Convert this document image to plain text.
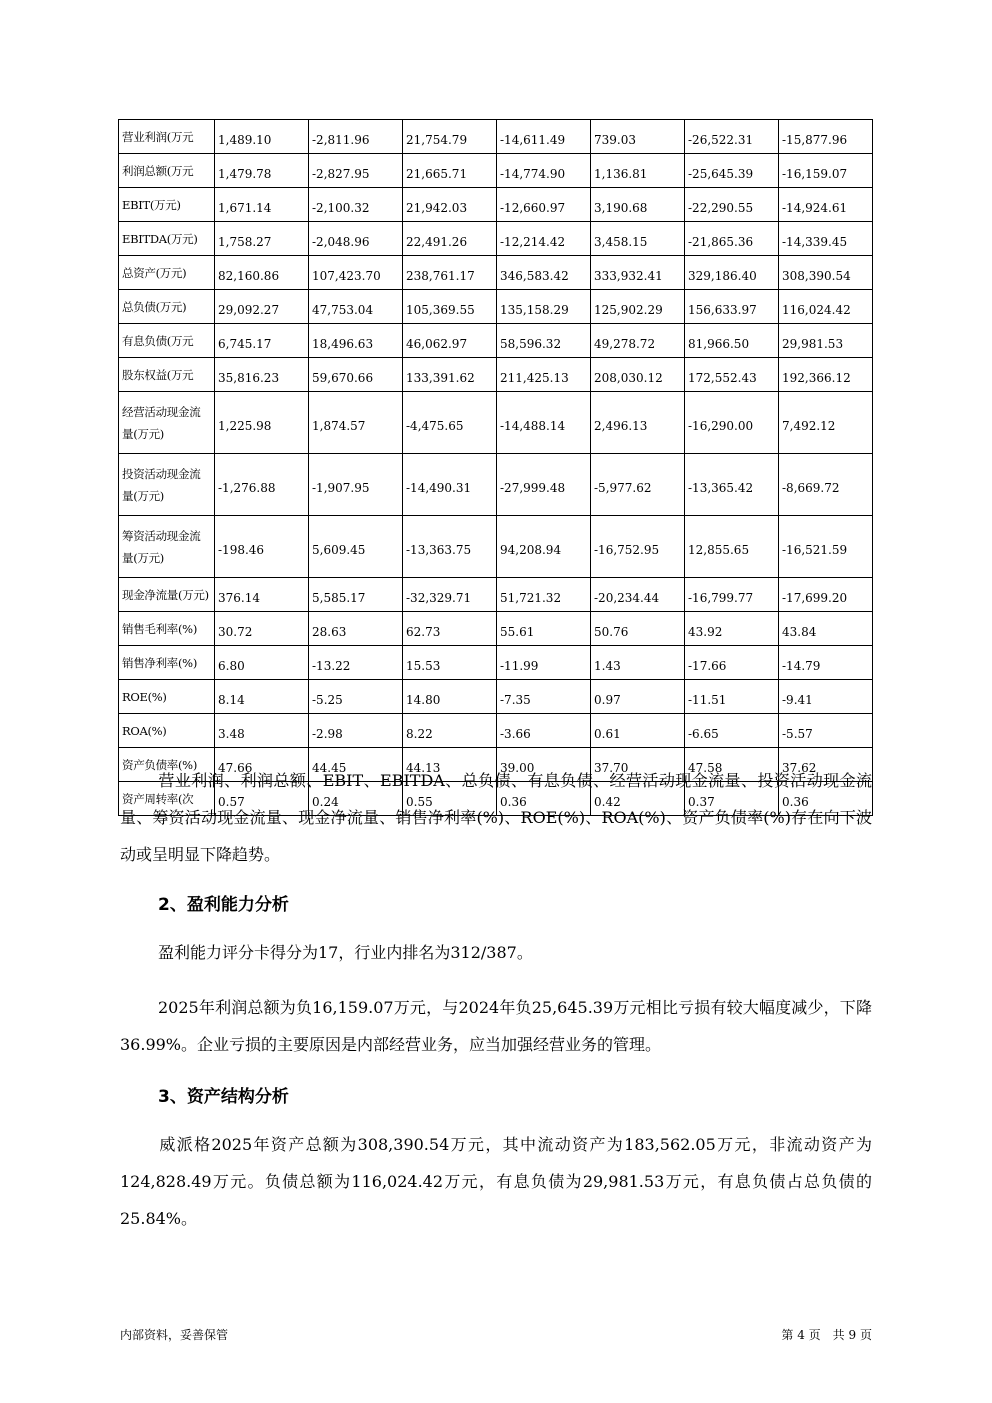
营业利润(万元	1,489.10	-2,811.96	21,754.79	-14,611.49	739.03	-26,522.31	-15,877.96
利润总额(万元	1,479.78	-2,827.95	21,665.71	-14,774.90	1,136.81	-25,645.39	-16,159.07
EBIT(万元)	1,671.14	-2,100.32	21,942.03	-12,660.97	3,190.68	-22,290.55	-14,924.61
EBITDA(万元)	1,758.27	-2,048.96	22,491.26	-12,214.42	3,458.15	-21,865.36	-14,339.45
总资产(万元)	82,160.86	107,423.70	238,761.17	346,583.42	333,932.41	329,186.40	308,390.54
总负债(万元)	29,092.27	47,753.04	105,369.55	135,158.29	125,902.29	156,633.97	116,024.42
有息负债(万元	6,745.17	18,496.63	46,062.97	58,596.32	49,278.72	81,966.50	29,981.53
股东权益(万元	35,816.23	59,670.66	133,391.62	211,425.13	208,030.12	172,552.43	192,366.12
经营活动现金流量(万元)	1,225.98	1,874.57	-4,475.65	-14,488.14	2,496.13	-16,290.00	7,492.12
投资活动现金流量(万元)	-1,276.88	-1,907.95	-14,490.31	-27,999.48	-5,977.62	-13,365.42	-8,669.72
筹资活动现金流量(万元)	-198.46	5,609.45	-13,363.75	94,208.94	-16,752.95	12,855.65	-16,521.59
现金净流量(万元)	376.14	5,585.17	-32,329.71	51,721.32	-20,234.44	-16,799.77	-17,699.20
销售毛利率(%)	30.72	28.63	62.73	55.61	50.76	43.92	43.84
销售净利率(%)	6.80	-13.22	15.53	-11.99	1.43	-17.66	-14.79
ROE(%)	8.14	-5.25	14.80	-7.35	0.97	-11.51	-9.41
ROA(%)	3.48	-2.98	8.22	-3.66	0.61	-6.65	-5.57
资产负债率(%)	47.66	44.45	44.13	39.00	37.70	47.58	37.62
资产周转率(次	0.57	0.24	0.55	0.36	0.42	0.37	0.36

营业利润、利润总额、EBIT、EBITDA、总负债、有息负债、经营活动现金流量、投资活动现金流量、筹资活动现金流量、现金净流量、销售净利率(%)、ROE(%)、ROA(%)、资产负债率(%)存在向下波动或呈明显下降趋势。

2、盈利能力分析

盈利能力评分卡得分为17，行业内排名为312/387。

2025年利润总额为负16,159.07万元，与2024年负25,645.39万元相比亏损有较大幅度减少，下降36.99%。企业亏损的主要原因是内部经营业务，应当加强经营业务的管理。

3、资产结构分析

威派格2025年资产总额为308,390.54万元，其中流动资产为183,562.05万元，非流动资产为124,828.49万元。负债总额为116,024.42万元，有息负债为29,981.53万元，有息负债占总负债的25.84%。

内部资料，妥善保管	第 4 页　共 9 页
